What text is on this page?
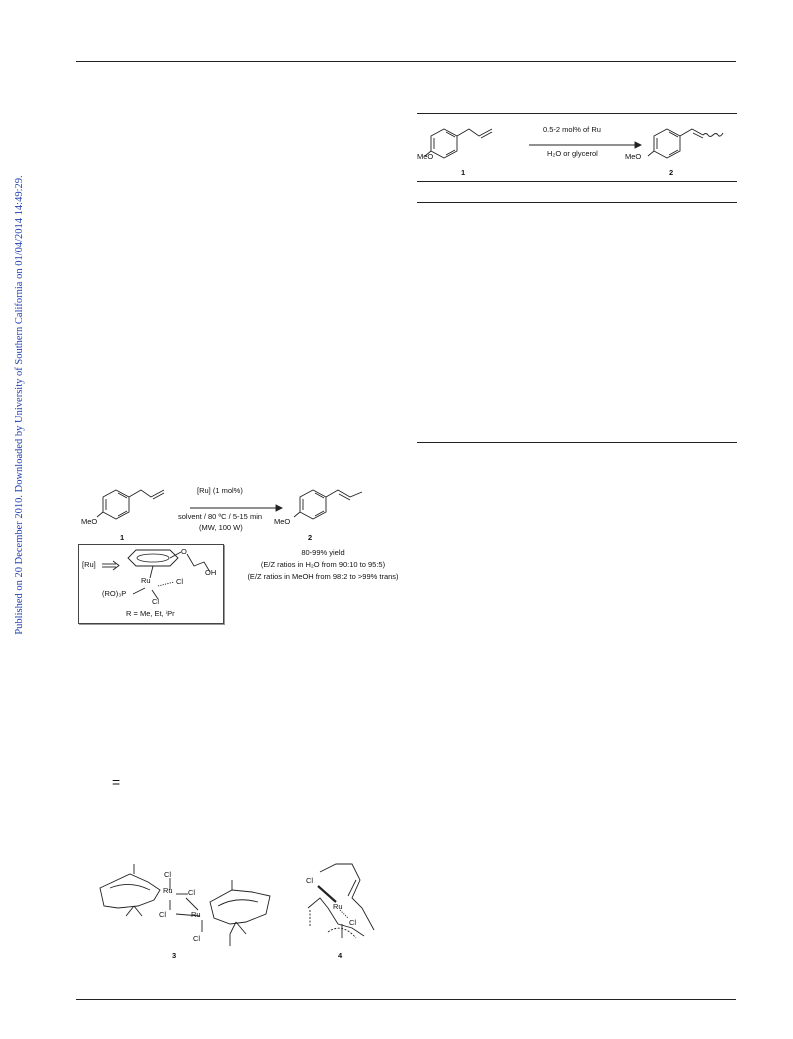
Published on 20 December 2010. Downloaded by University of Southern California on 01/04/2014 14:49:29.
0.5-2 mol% of Ru
H₂O or glycerol
MeO	MeO
1	2
[Ru] (1 mol%)
solvent / 80 ºC / 5-15 min
(MW, 100 W)
MeO	MeO
1	2
80-99% yield
(E/Z ratios in H₂O from 90:10 to 95:5)
(E/Z ratios in MeOH from 98:2 to >99% trans)
[Ru]
Ru	Cl
Cl
(RO)₃P
O
OH
R = Me, Et, ⁱPr
=
Cl
Ru Cl
Cl	Ru
Cl
3
Cl
Ru
Cl
4
